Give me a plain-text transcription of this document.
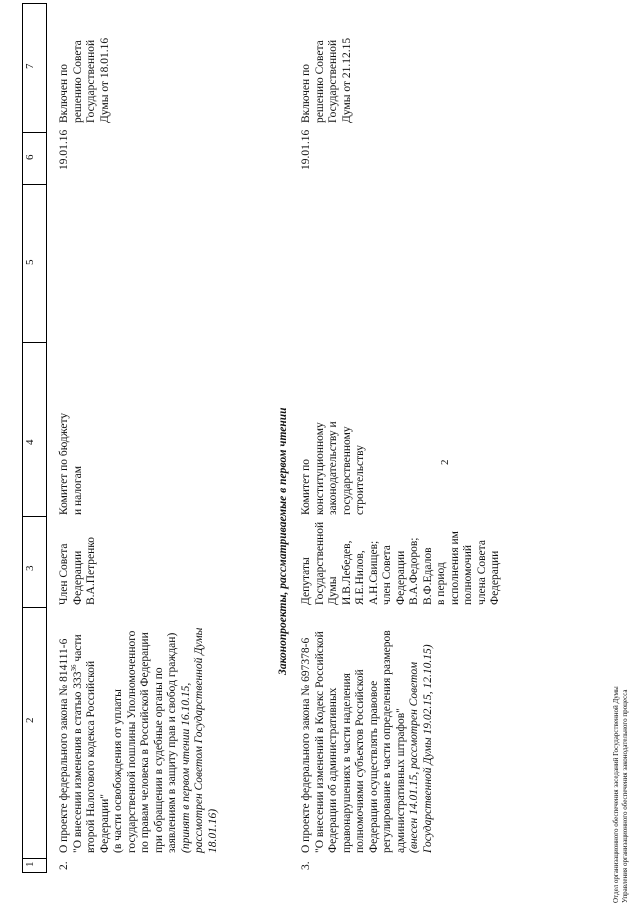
2
1
2
3
4
5
6
7
2.
О проекте федерального закона № 814111-6 "О внесении изменения в статью $333^{36}$ части
второй Налогового кодекса Российской Федерации" (в части освобождения от уплаты государственной пошлины Уполномоченного по правам человека в Российской Федерации при обращении в судебные органы по заявлениям в защиту прав и свобод граждан) (принят в первом чтении 16.10.15, рассмотрен Советом Государственной Думы 18.01.16)
Член Совета Федерации В.А.Петренко
Комитет по бюджету и налогам
19.01.16
Включен по решению Совета Государственной Думы от 18.01.16
Законопроекты, рассматриваемые в первом чтении
3.
О проекте федерального закона № 697378-6 "О внесении изменений в Кодекс Российской Федерации об административных правонарушениях в части наделения полномочиями субъектов Российской Федерации осуществлять правовое регулирование в части определения размеров административных штрафов" (внесен 14.01.15, рассмотрен Советом Государственной Думы 19.02.15, 12.10.15)
Депутаты Государственной Думы И.В.Лебедев, Я.Е.Нилов, А.Н.Свищев; член Совета Федерации В.А.Федоров; В.Ф.Едалов в период исполнения им полномочий члена Совета Федерации
Комитет по конституционному законодательству и государственному строительству
19.01.16
Включен по решению Совета Государственной Думы от 21.12.15
Отдел организационного обеспечения заседаний Государственной Думы Управления организационного обеспечения законодательного процесса
